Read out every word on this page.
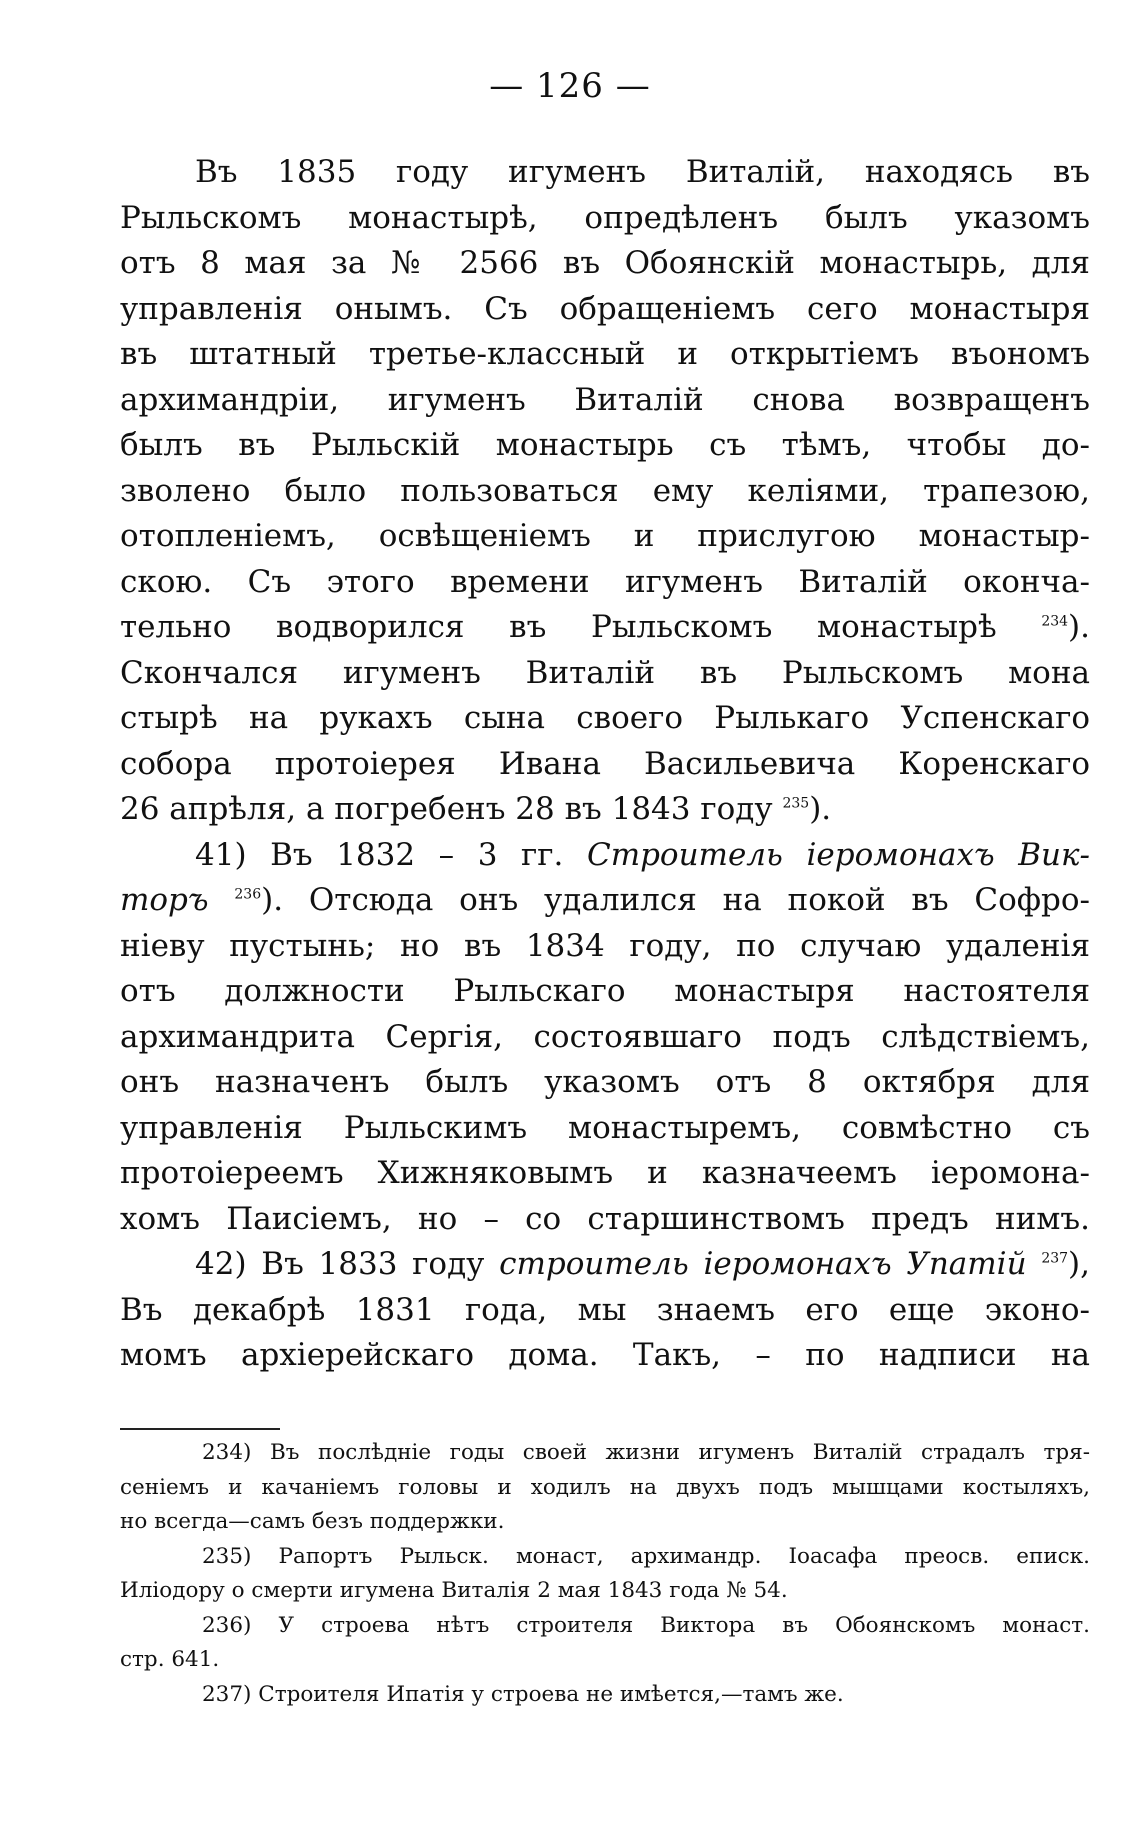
— 126 —
Въ 1835 году игуменъ Виталій, находясь въ
Рыльскомъ монастырѣ, опредѣленъ былъ указомъ
отъ 8 мая за № 2566 въ Обоянскій монастырь, для
управленія онымъ. Съ обращеніемъ сего монастыря
въ штатный третье-классный и открытіемъ въономъ
архимандріи, игуменъ Виталій снова возвращенъ
былъ въ Рыльскій монастырь съ тѣмъ, чтобы до-
зволено было пользоваться ему келіями, трапезою,
отопленіемъ, освѣщеніемъ и прислугою монастыр-
скою. Съ этого времени игуменъ Виталій оконча-
тельно водворился въ Рыльскомъ монастырѣ	$^{234}$).
Скончался игуменъ Виталій въ Рыльскомъ мона
стырѣ на рукахъ сына своего Рылькаго Успенскаго
собора протоіерея Ивана Васильевича Коренскаго
26 апрѣля, а погребенъ 28 въ 1843 году $^{235}$).
41) Въ 1832 – 3 гг. Строитель іеромонахъ Вик-
торъ $^{236}$). Отсюда онъ удалился на покой въ Софро-
ніеву пустынь; но въ 1834 году, по случаю удаленія
отъ должности Рыльскаго монастыря настоятеля
архимандрита Сергія, состоявшаго подъ слѣдствіемъ,
онъ назначенъ былъ указомъ отъ 8 октября для
управленія Рыльскимъ монастыремъ, совмѣстно съ
протоіереемъ Хижняковымъ и казначеемъ іеромона-
хомъ Паисіемъ, но – со старшинствомъ предъ нимъ.
42) Въ 1833 году строитель іеромонахъ Упатій $^{237}$),
Въ декабрѣ 1831 года, мы знаемъ его еще эконо-
момъ архіерейскаго дома. Такъ, – по надписи на
234) Въ послѣдніе годы своей жизни игуменъ Виталій страдалъ тря-
сеніемъ и качаніемъ головы и ходилъ на двухъ подъ мышцами костыляхъ,
но всегда—самъ безъ поддержки.
235) Рапортъ Рыльск. монаст, архимандр. Іоасафа преосв. еписк.
Иліодору о смерти игумена Виталія 2 мая 1843 года № 54.
236) У строева нѣтъ строителя Виктора въ Обоянскомъ монаст.
стр. 641.
237) Строителя Ипатія у строева не имѣется,—тамъ же.
